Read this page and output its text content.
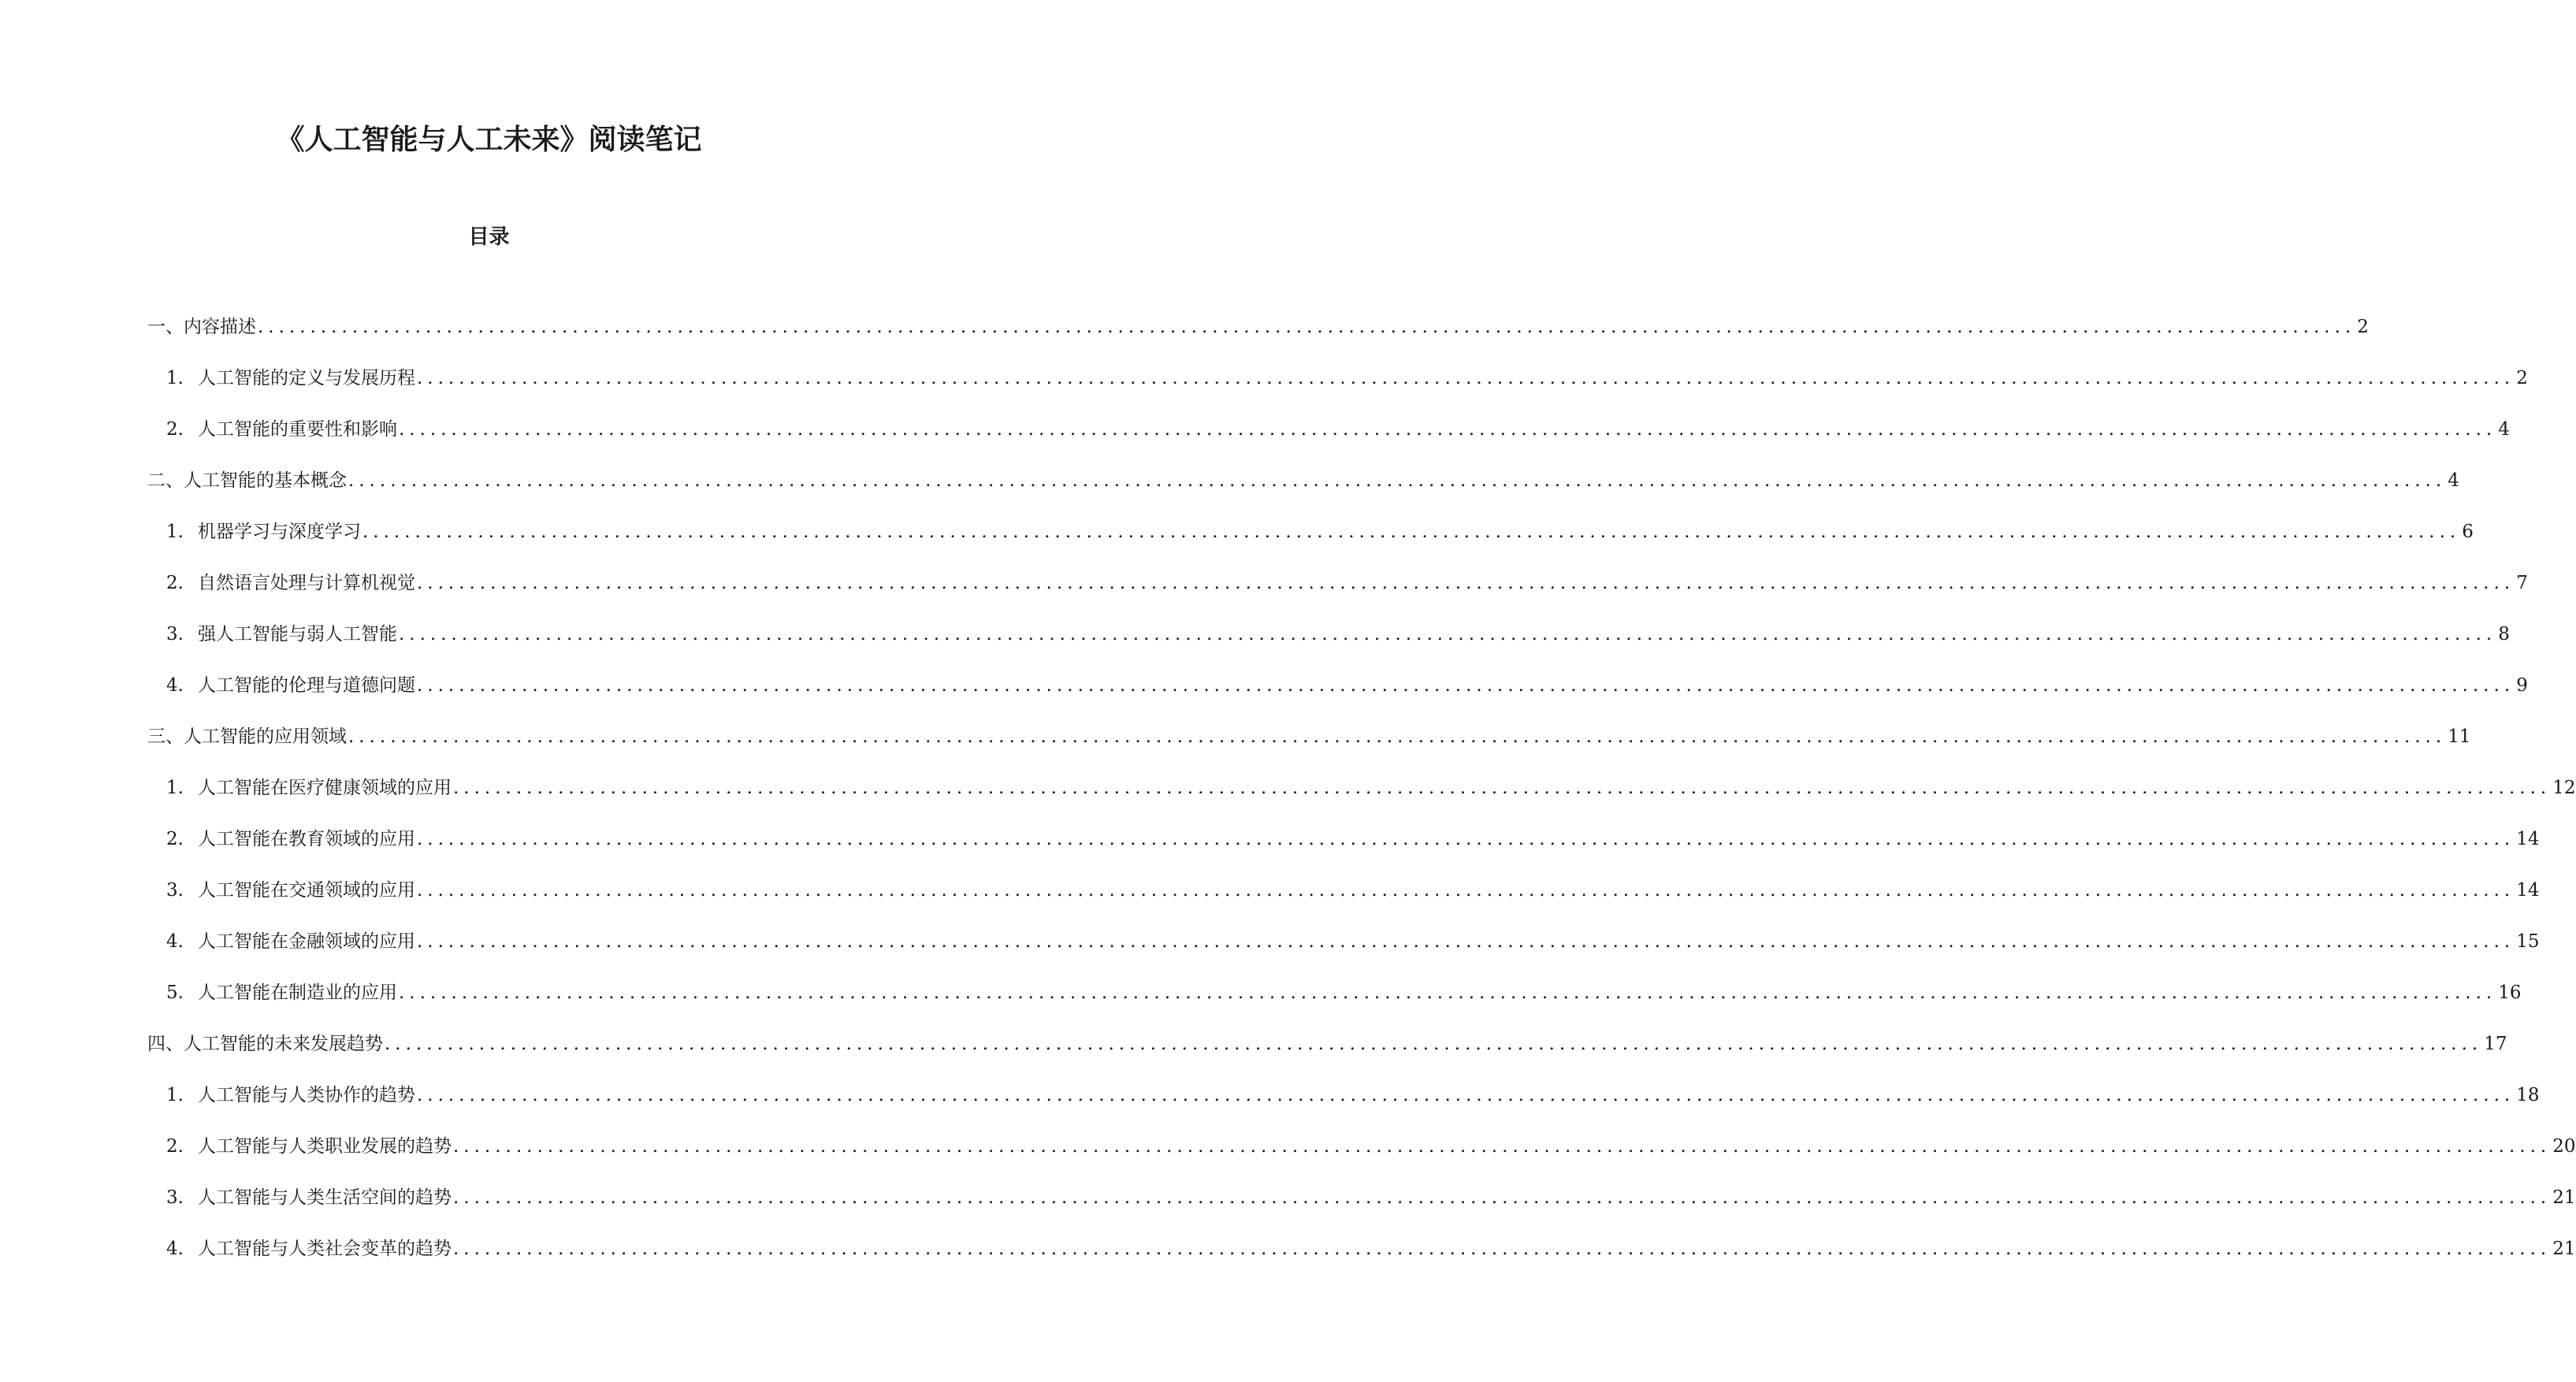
《人工智能与人工未来》阅读笔记
目录
一、内容描述 ........................................................................................................................................................................................................ 2
1. 人工智能的定义与发展历程 ........................................................................................................................................................................................................ 2
2. 人工智能的重要性和影响 ........................................................................................................................................................................................................ 4
二、人工智能的基本概念 ........................................................................................................................................................................................................ 4
1. 机器学习与深度学习 ........................................................................................................................................................................................................ 6
2. 自然语言处理与计算机视觉 ........................................................................................................................................................................................................ 7
3. 强人工智能与弱人工智能 ........................................................................................................................................................................................................ 8
4. 人工智能的伦理与道德问题 ........................................................................................................................................................................................................ 9
三、人工智能的应用领域 ........................................................................................................................................................................................................ 11
1. 人工智能在医疗健康领域的应用 ........................................................................................................................................................................................................ 12
2. 人工智能在教育领域的应用 ........................................................................................................................................................................................................ 14
3. 人工智能在交通领域的应用 ........................................................................................................................................................................................................ 14
4. 人工智能在金融领域的应用 ........................................................................................................................................................................................................ 15
5. 人工智能在制造业的应用 ........................................................................................................................................................................................................ 16
四、人工智能的未来发展趋势 ........................................................................................................................................................................................................ 17
1. 人工智能与人类协作的趋势 ........................................................................................................................................................................................................ 18
2. 人工智能与人类职业发展的趋势 ........................................................................................................................................................................................................ 20
3. 人工智能与人类生活空间的趋势 ........................................................................................................................................................................................................ 21
4. 人工智能与人类社会变革的趋势 ........................................................................................................................................................................................................ 21
